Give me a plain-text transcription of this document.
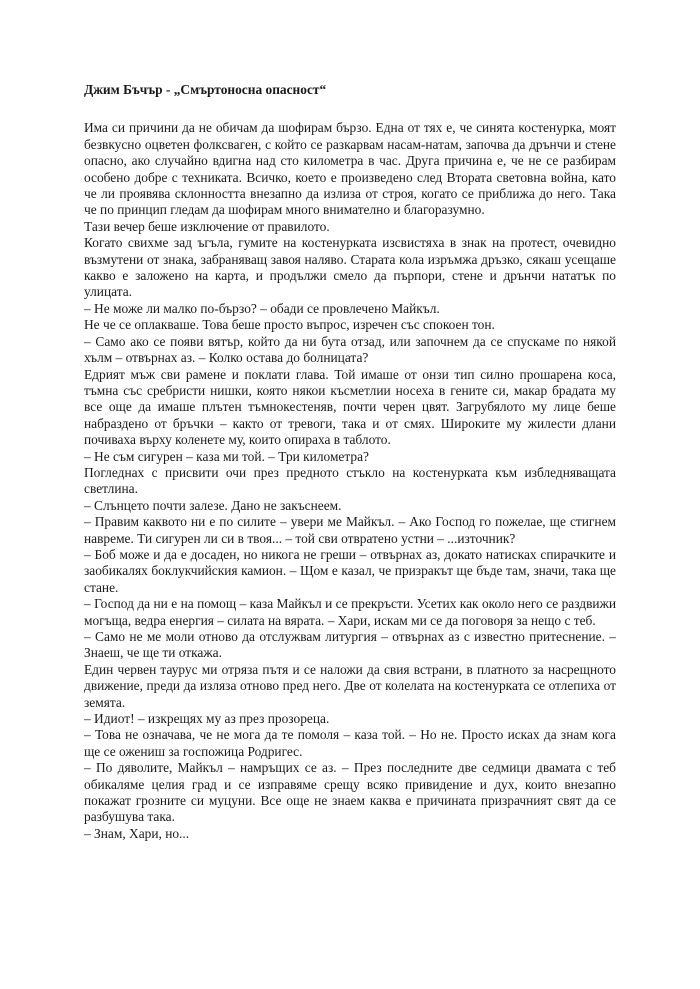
Джим Бъчър - „Смъртоносна опасност“

Има си причини да не обичам да шофирам бързо. Една от тях е, че синята костенурка, моят безвкусно оцветен фолксваген, с който се разкарвам насам-натам, започва да дрънчи и стене опасно, ако случайно вдигна над сто километра в час. Друга причина е, че не се разбирам особено добре с техниката. Всичко, което е произведено след Втората световна война, като че ли проявява склонността внезапно да излиза от строя, когато се приближа до него. Така че по принцип гледам да шофирам много внимателно и благоразумно.

Тази вечер беше изключение от правилото.

Когато свихме зад ъгъла, гумите на костенурката изсвистяха в знак на протест, очевидно възмутени от знака, забраняващ завоя наляво. Старата кола изръмжа дръзко, сякаш усещаше какво е заложено на карта, и продължи смело да пърпори, стене и дрънчи нататък по улицата.

– Не може ли малко по-бързо? – обади се провлечено Майкъл.

Не че се оплакваше. Това беше просто въпрос, изречен със спокоен тон.

– Само ако се появи вятър, който да ни бута отзад, или започнем да се спускаме по някой хълм – отвърнах аз. – Колко остава до болницата?

Едрият мъж сви рамене и поклати глава. Той имаше от онзи тип силно прошарена коса, тъмна със сребристи нишки, която някои късметлии носеха в гените си, макар брадата му все още да имаше плътен тъмнокестеняв, почти черен цвят. Загрубялото му лице беше набраздено от бръчки – както от тревоги, така и от смях. Широките му жилести длани почиваха върху коленете му, които опираха в таблото.

– Не съм сигурен – каза ми той. – Три километра?

Погледнах с присвити очи през предното стъкло на костенурката към избледняващата светлина.

– Слънцето почти залезе. Дано не закъснеем.

– Правим каквото ни е по силите – увери ме Майкъл. – Ако Господ го пожелае, ще стигнем навреме. Ти сигурен ли си в твоя... – той сви отвратено устни – ...източник?

– Боб може и да е досаден, но никога не греши – отвърнах аз, докато натисках спирачките и заобикалях боклукчийския камион. – Щом е казал, че призракът ще бъде там, значи, така ще стане.

– Господ да ни е на помощ – каза Майкъл и се прекръсти. Усетих как около него се раздвижи могъща, ведра енергия – силата на вярата. – Хари, искам ми се да поговоря за нещо с теб.

– Само не ме моли отново да отслужвам литургия – отвърнах аз с известно притеснение. – Знаеш, че ще ти откажа.

Един червен таурус ми отряза пътя и се наложи да свия встрани, в платното за насрещното движение, преди да изляза отново пред него. Две от колелата на костенурката се отлепиха от земята.

– Идиот! – изкрещях му аз през прозореца.

– Това не означава, че не мога да те помоля – каза той. – Но не. Просто исках да знам кога ще се ожениш за госпожица Родригес.

– По дяволите, Майкъл – намръщих се аз. – През последните две седмици двамата с теб обикаляме целия град и се изправяме срещу всяко привидение и дух, които внезапно покажат грозните си муцуни. Все още не знаем каква е причината призрачният свят да се разбушува така.

– Знам, Хари, но...
